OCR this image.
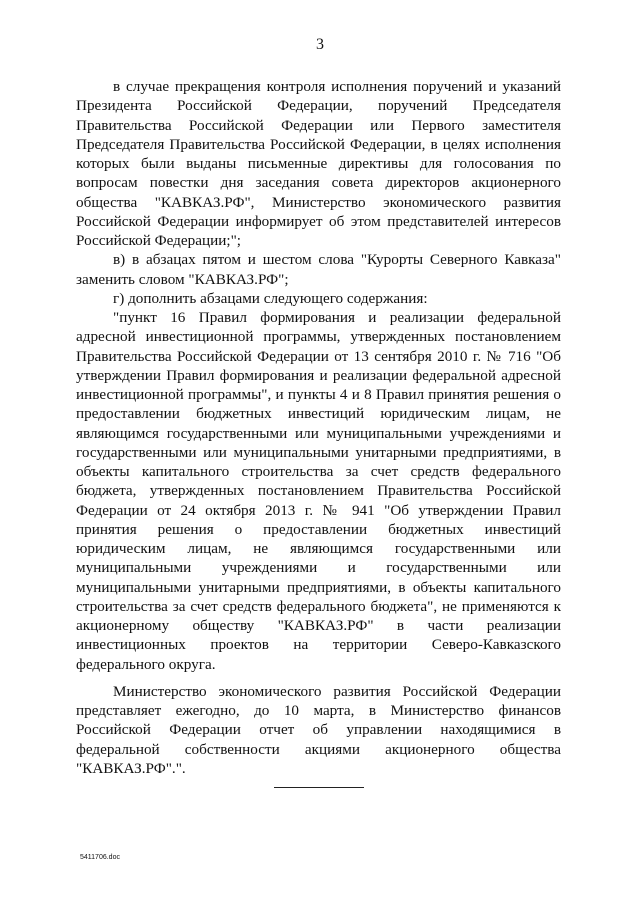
3

в случае прекращения контроля исполнения поручений и указаний Президента Российской Федерации, поручений Председателя Правительства Российской Федерации или Первого заместителя Председателя Правительства Российской Федерации, в целях исполнения которых были выданы письменные директивы для голосования по вопросам повестки дня заседания совета директоров акционерного общества "КАВКАЗ.РФ", Министерство экономического развития Российской Федерации информирует об этом представителей интересов Российской Федерации;";

в) в абзацах пятом и шестом слова "Курорты Северного Кавказа" заменить словом "КАВКАЗ.РФ";

г) дополнить абзацами следующего содержания:

"пункт 16 Правил формирования и реализации федеральной адресной инвестиционной программы, утвержденных постановлением Правительства Российской Федерации от 13 сентября 2010 г. № 716 "Об утверждении Правил формирования и реализации федеральной адресной инвестиционной программы", и пункты 4 и 8 Правил принятия решения о предоставлении бюджетных инвестиций юридическим лицам, не являющимся государственными или муниципальными учреждениями и государственными или муниципальными унитарными предприятиями, в объекты капитального строительства за счет средств федерального бюджета, утвержденных постановлением Правительства Российской Федерации от 24 октября 2013 г. № 941 "Об утверждении Правил принятия решения о предоставлении бюджетных инвестиций юридическим лицам, не являющимся государственными или муниципальными учреждениями и государственными или муниципальными унитарными предприятиями, в объекты капитального строительства за счет средств федерального бюджета", не применяются к акционерному обществу "КАВКАЗ.РФ" в части реализации инвестиционных проектов на территории Северо-Кавказского федерального округа.

Министерство экономического развития Российской Федерации представляет ежегодно, до 10 марта, в Министерство финансов Российской Федерации отчет об управлении находящимися в федеральной собственности акциями акционерного общества "КАВКАЗ.РФ".".

5411706.doc
